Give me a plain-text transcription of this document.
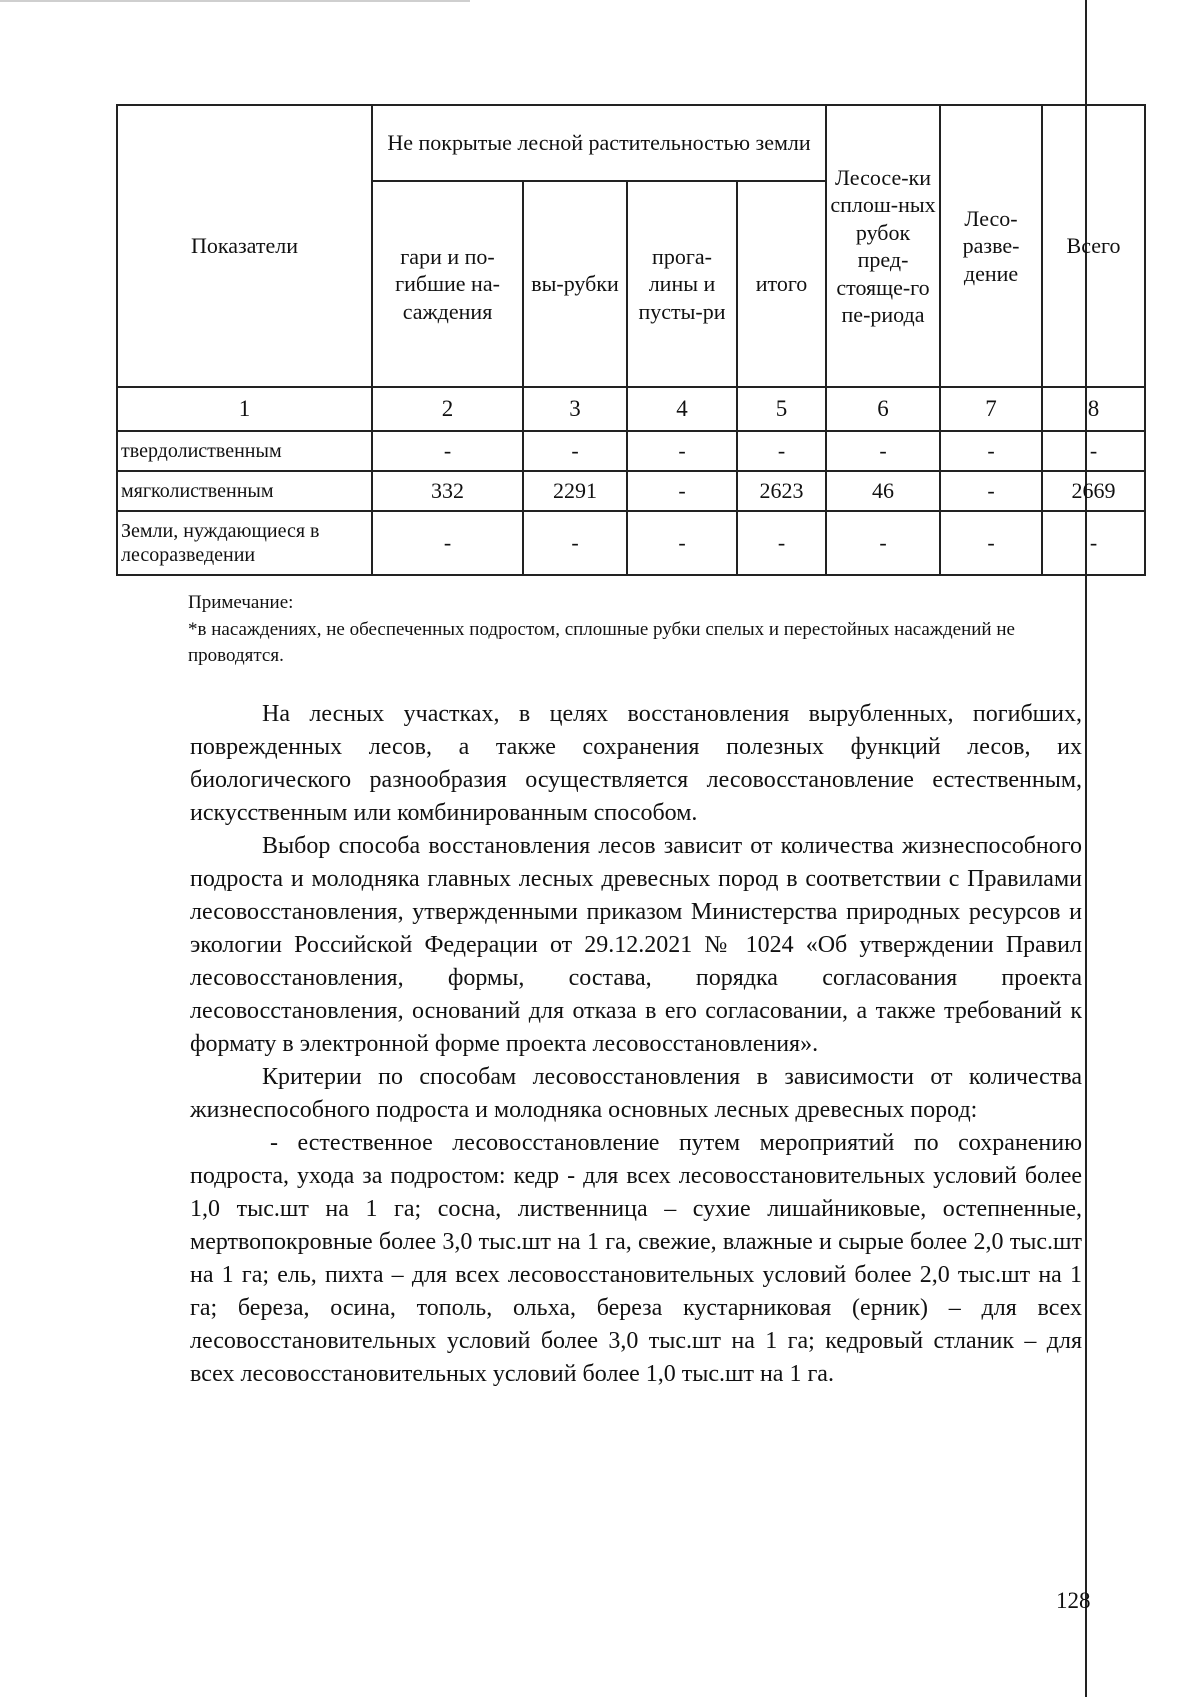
Показатели	Не покрытые лесной растительностью земли				Лесосе-ки сплош-ных рубок пред-стояще-го пе-риода	Лесо-разве-дение	Всего
	гари и по-гибшие на-саждения	вы-рубки	прога-лины и пусты-ри	итого			
1	2	3	4	5	6	7	8
твердолиственным	-	-	-	-	-	-	-
мягколиственным	332	2291	-	2623	46	-	2669
Земли, нуждающиеся в лесоразведении	-	-	-	-	-	-	-
Примечание:
*в насаждениях, не обеспеченных подростом, сплошные рубки спелых и перестойных насаждений не проводятся.

На лесных участках, в целях восстановления вырубленных, погибших, поврежденных лесов, а также сохранения полезных функций лесов, их биологического разнообразия осуществляется лесовосстановление естественным, искусственным или комбинированным способом.

Выбор способа восстановления лесов зависит от количества жизнеспособного подроста и молодняка главных лесных древесных пород в соответствии с Правилами лесовосстановления, утвержденными приказом Министерства природных ресурсов и экологии Российской Федерации от 29.12.2021 № 1024 «Об утверждении Правил лесовосстановления, формы, состава, порядка согласования проекта лесовосстановления, оснований для отказа в его согласовании, а также требований к формату в электронной форме проекта лесовосстановления».

Критерии по способам лесовосстановления в зависимости от количества жизнеспособного подроста и молодняка основных лесных древесных пород:

- естественное лесовосстановление путем мероприятий по сохранению подроста, ухода за подростом: кедр - для всех лесовосстановительных условий более 1,0 тыс.шт на 1 га; сосна, лиственница – сухие лишайниковые, остепненные, мертвопокровные более 3,0 тыс.шт на 1 га, свежие, влажные и сырые более 2,0 тыс.шт на 1 га; ель, пихта – для всех лесовосстановительных условий более 2,0 тыс.шт на 1 га; береза, осина, тополь, ольха, береза кустарниковая (ерник) – для всех лесовосстановительных условий более 3,0 тыс.шт на 1 га; кедровый стланик – для всех лесовосстановительных условий более 1,0 тыс.шт на 1 га.

128
